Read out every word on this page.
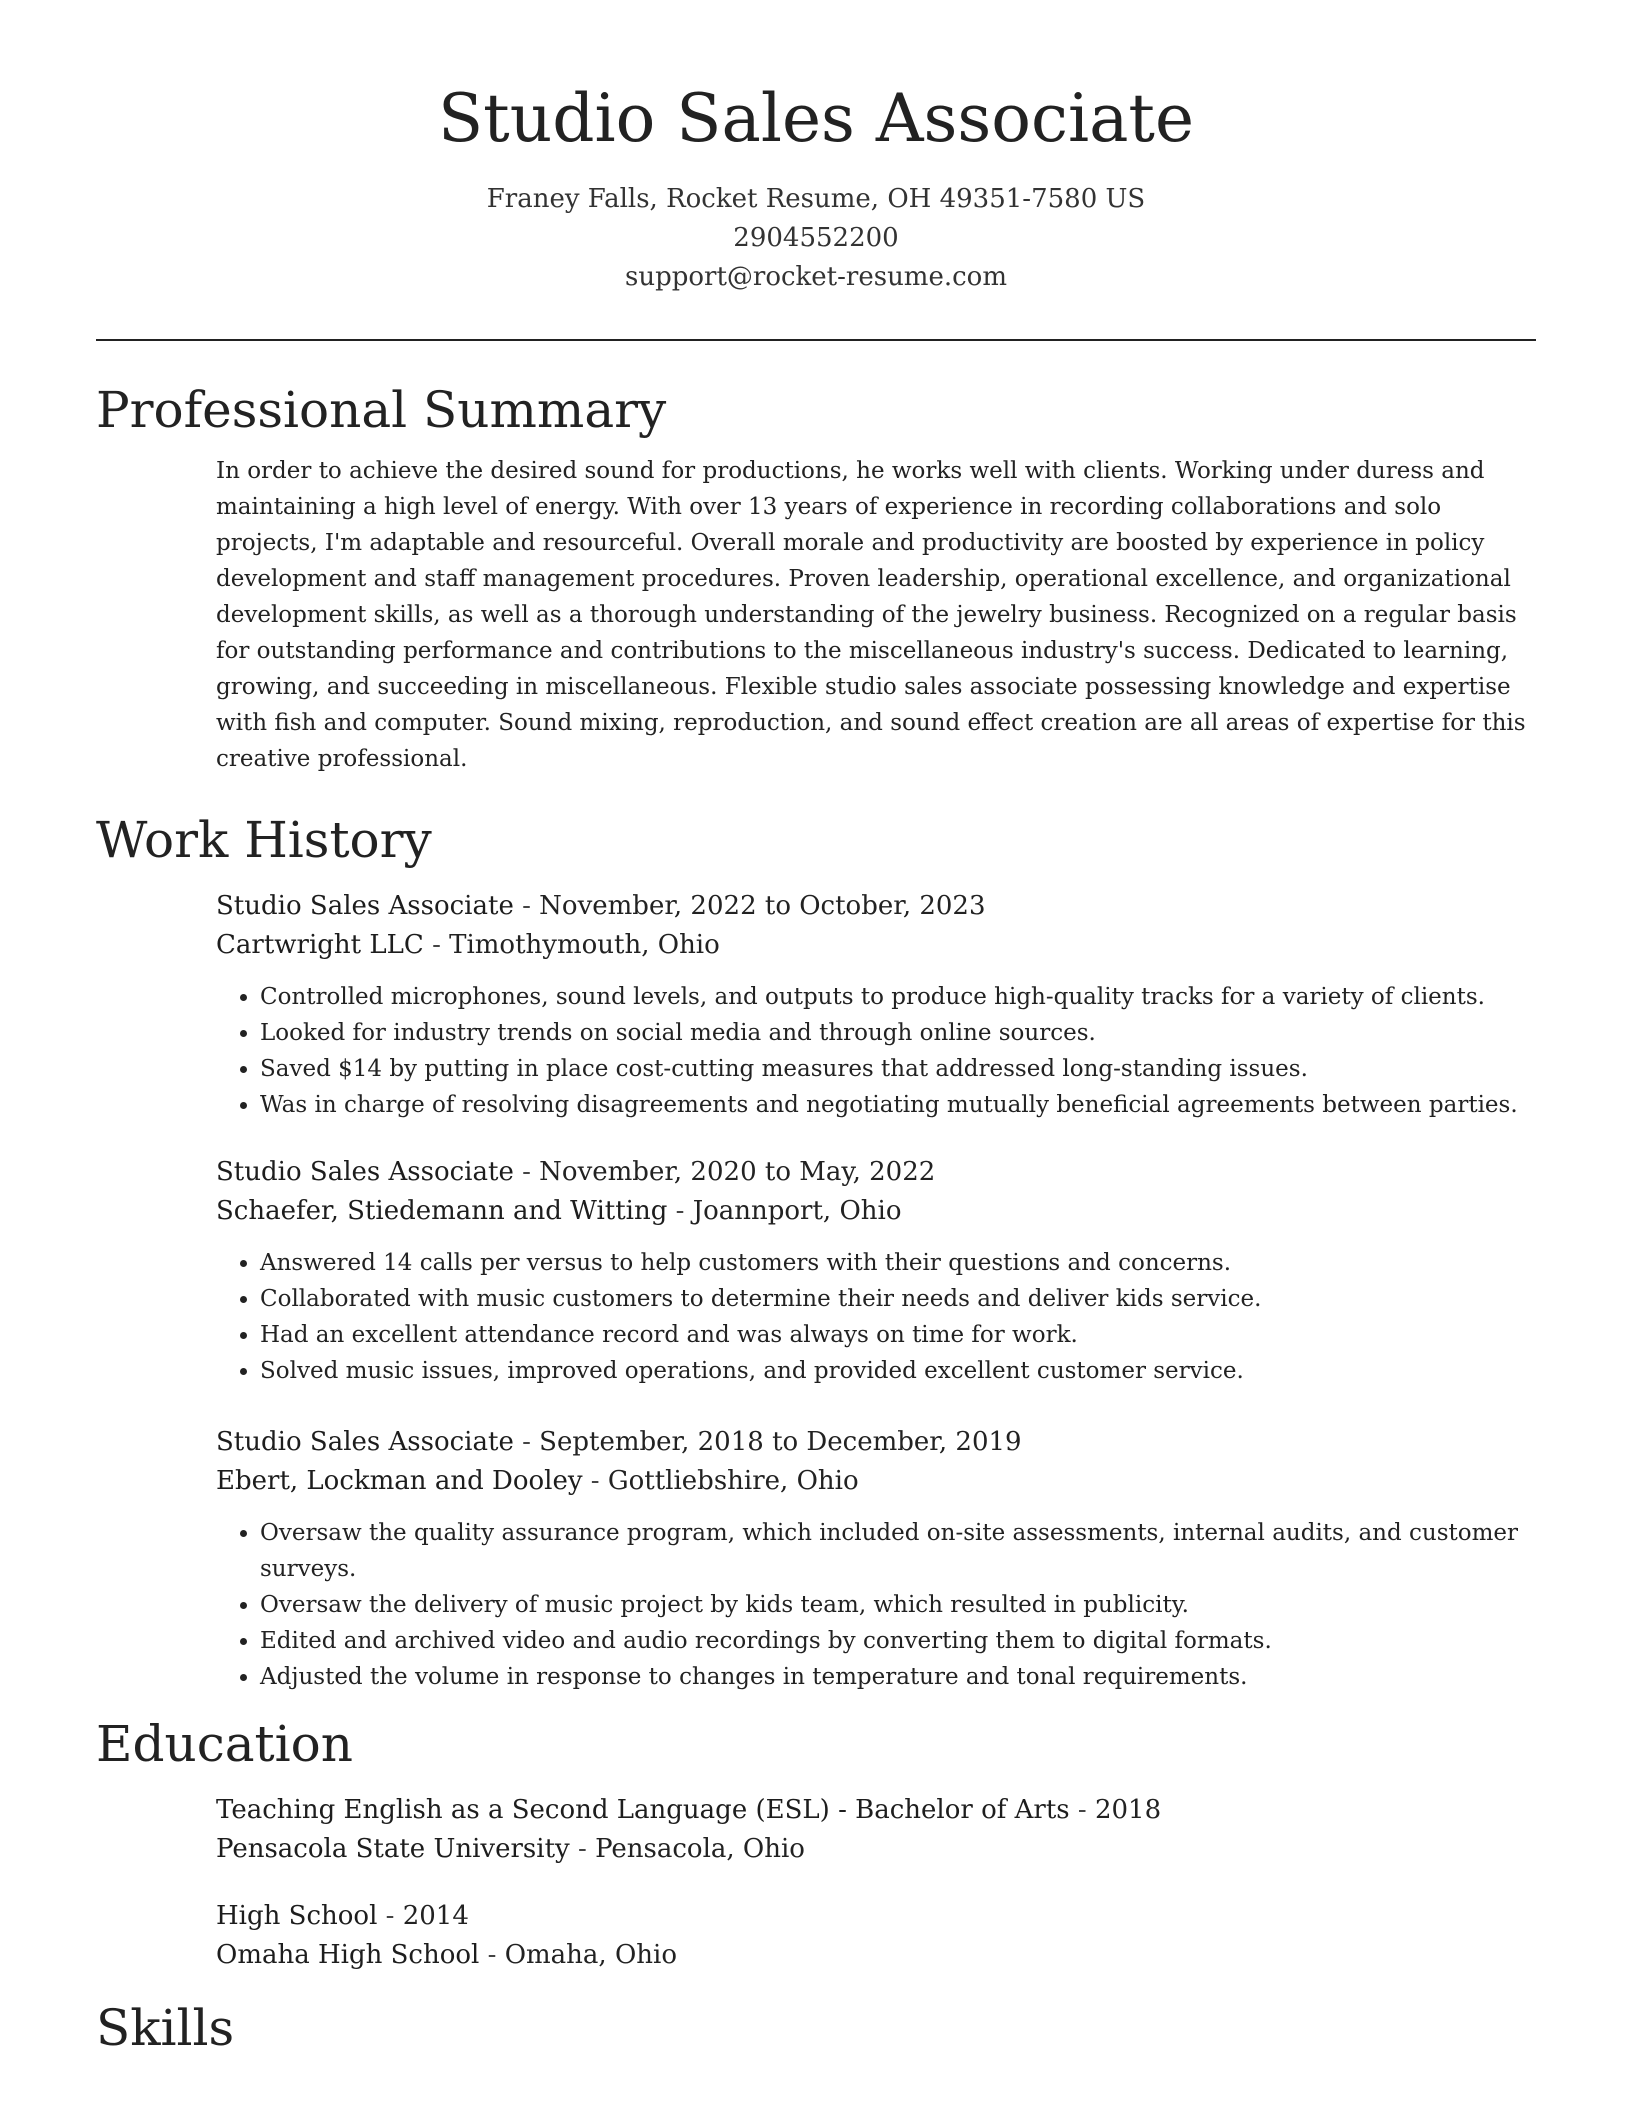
Studio Sales Associate
Franey Falls, Rocket Resume, OH 49351-7580 US
2904552200
support@rocket-resume.com
Professional Summary

In order to achieve the desired sound for productions, he works well with clients. Working under duress and maintaining a high level of energy. With over 13 years of experience in recording collaborations and solo projects, I'm adaptable and resourceful. Overall morale and productivity are boosted by experience in policy development and staff management procedures. Proven leadership, operational excellence, and organizational development skills, as well as a thorough understanding of the jewelry business. Recognized on a regular basis for outstanding performance and contributions to the miscellaneous industry's success. Dedicated to learning, growing, and succeeding in miscellaneous. Flexible studio sales associate possessing knowledge and expertise with fish and computer. Sound mixing, reproduction, and sound effect creation are all areas of expertise for this creative professional.

Work History
Studio Sales Associate - November, 2022 to October, 2023
Cartwright LLC - Timothymouth, Ohio
• Controlled microphones, sound levels, and outputs to produce high-quality tracks for a variety of clients.
• Looked for industry trends on social media and through online sources.
• Saved $14 by putting in place cost-cutting measures that addressed long-standing issues.
• Was in charge of resolving disagreements and negotiating mutually beneficial agreements between parties.
Studio Sales Associate - November, 2020 to May, 2022
Schaefer, Stiedemann and Witting - Joannport, Ohio
• Answered 14 calls per versus to help customers with their questions and concerns.
• Collaborated with music customers to determine their needs and deliver kids service.
• Had an excellent attendance record and was always on time for work.
• Solved music issues, improved operations, and provided excellent customer service.
Studio Sales Associate - September, 2018 to December, 2019
Ebert, Lockman and Dooley - Gottliebshire, Ohio
• Oversaw the quality assurance program, which included on-site assessments, internal audits, and customer surveys.
• Oversaw the delivery of music project by kids team, which resulted in publicity.
• Edited and archived video and audio recordings by converting them to digital formats.
• Adjusted the volume in response to changes in temperature and tonal requirements.
Education
Teaching English as a Second Language (ESL) - Bachelor of Arts - 2018
Pensacola State University - Pensacola, Ohio
High School - 2014
Omaha High School - Omaha, Ohio
Skills
